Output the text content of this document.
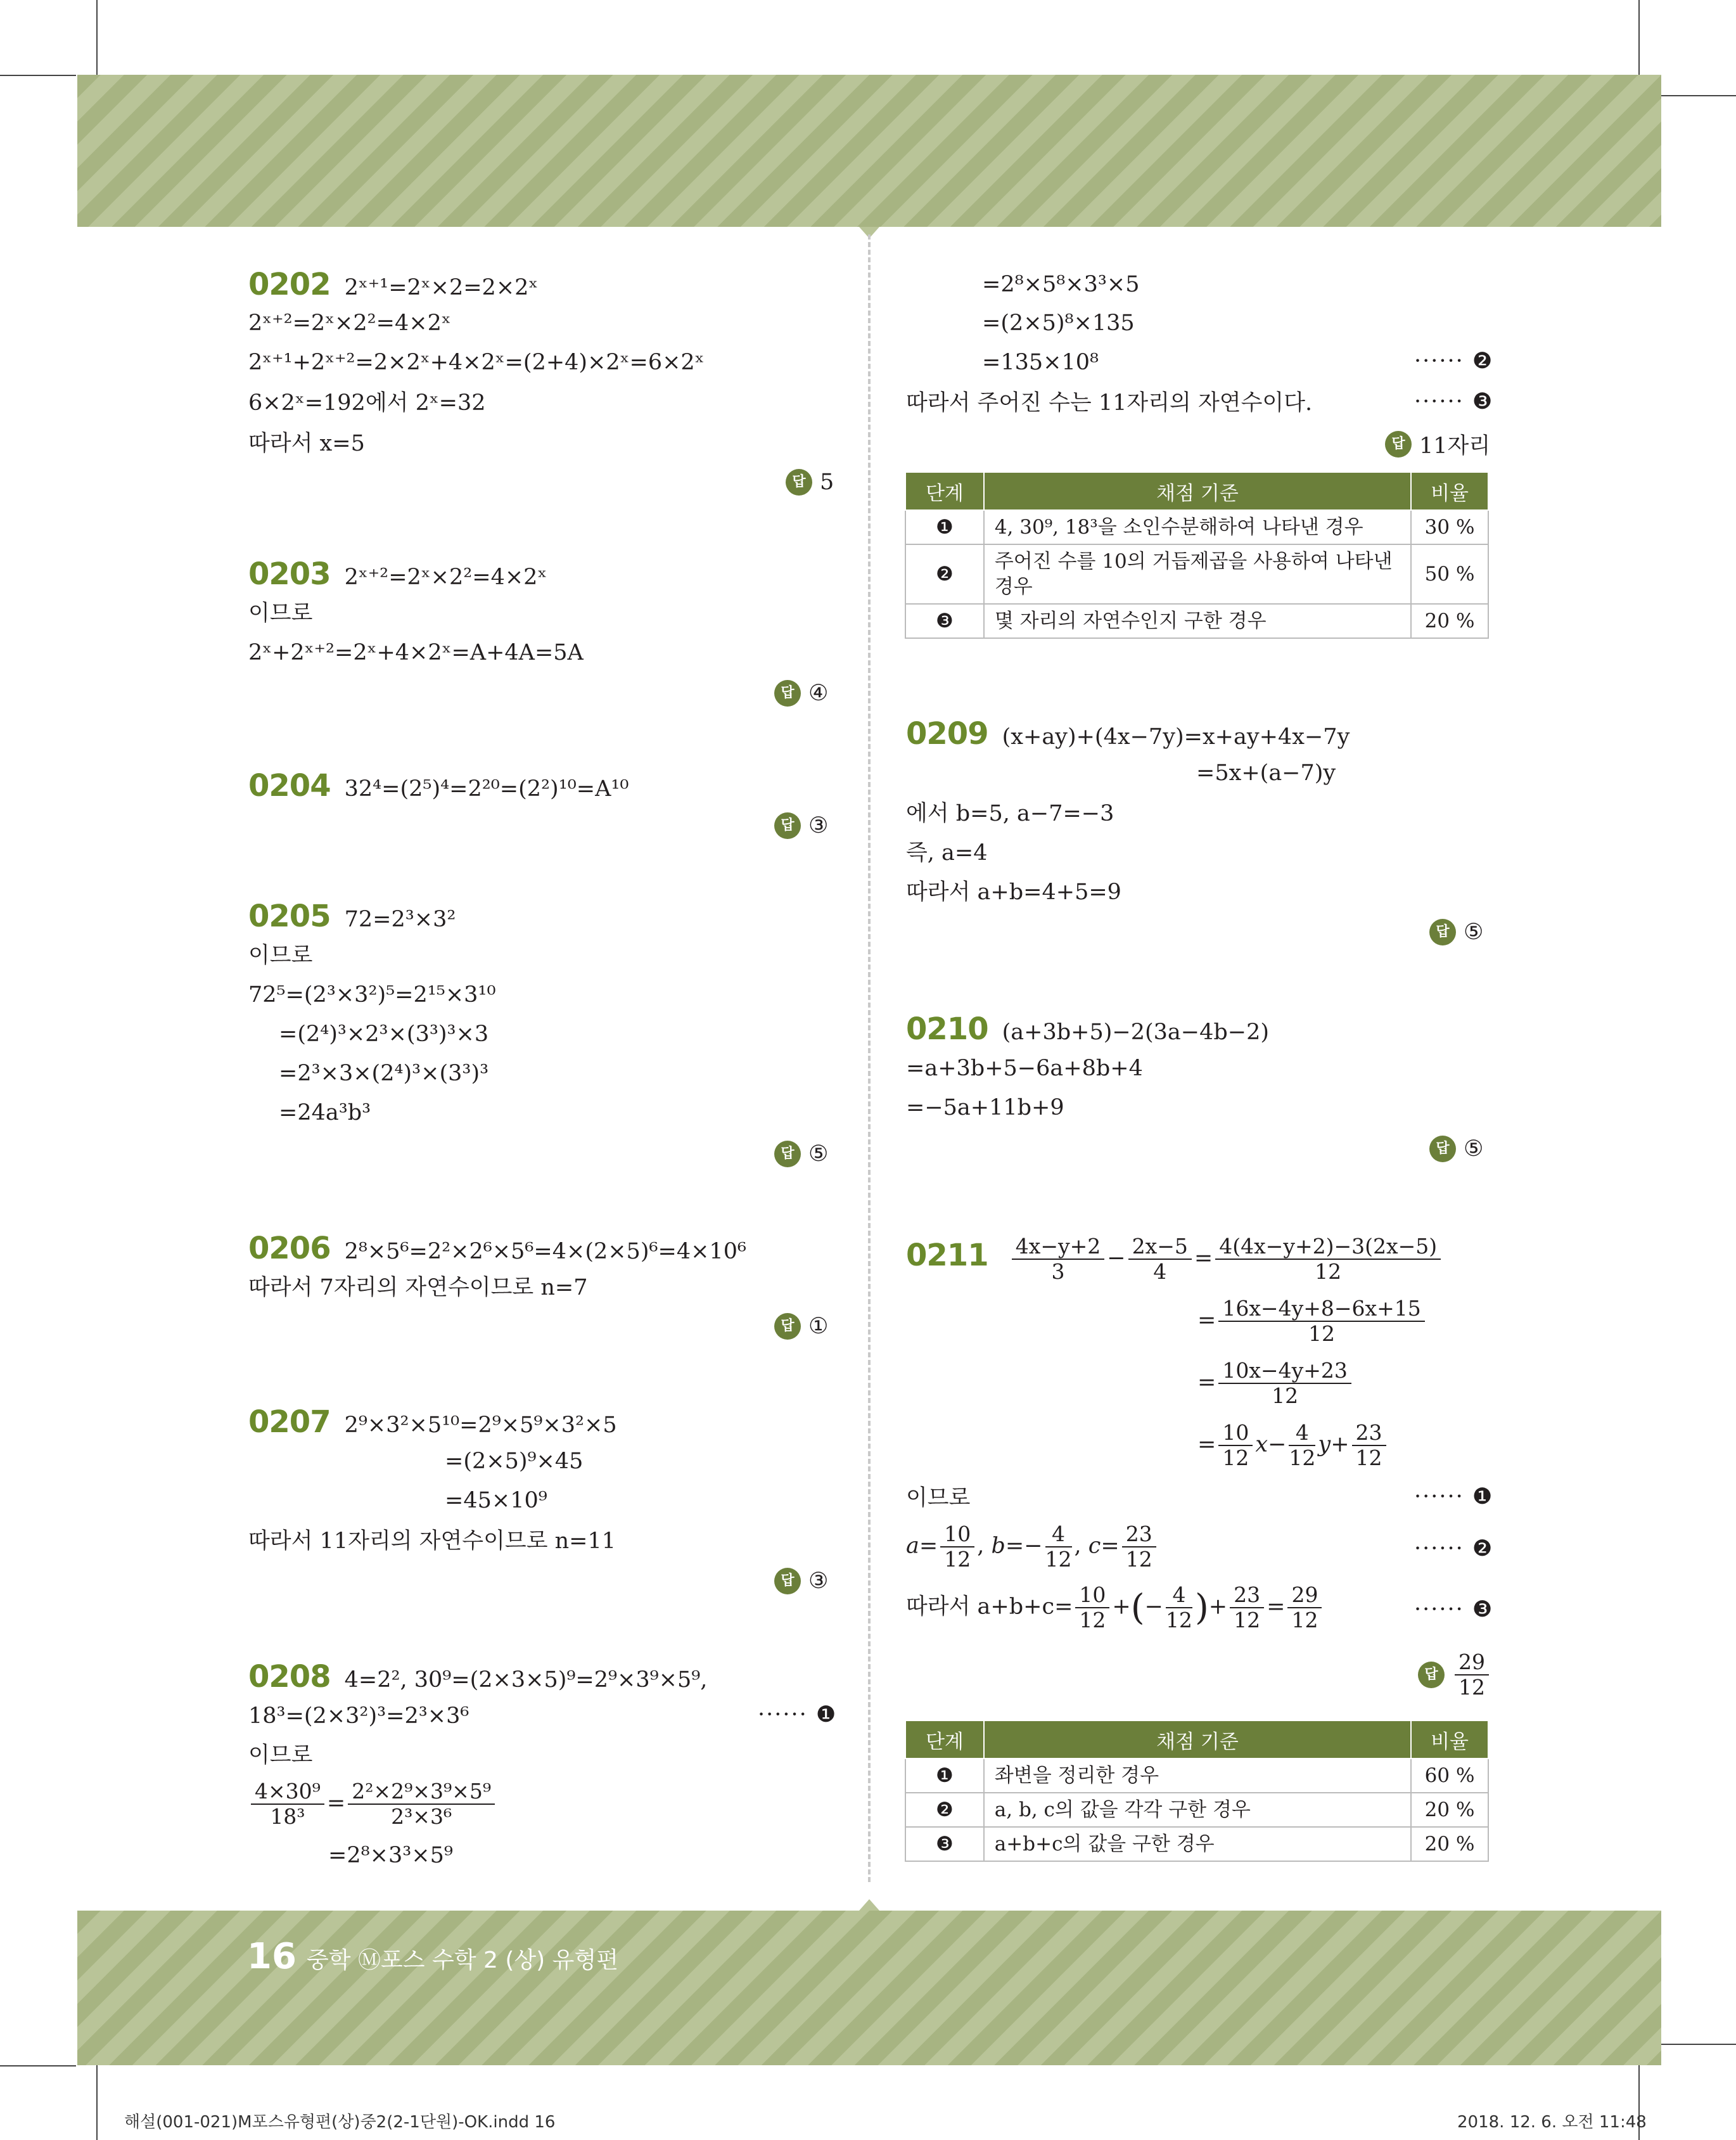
0202 2ˣ⁺¹=2ˣ×2=2×2ˣ
2ˣ⁺²=2ˣ×2²=4×2ˣ
2ˣ⁺¹+2ˣ⁺²=2×2ˣ+4×2ˣ=(2+4)×2ˣ=6×2ˣ
6×2ˣ=192에서 2ˣ=32
따라서 x=5
답 5
0203 2ˣ⁺²=2ˣ×2²=4×2ˣ
이므로
2ˣ+2ˣ⁺²=2ˣ+4×2ˣ=A+4A=5A
답 ④
0204 32⁴=(2⁵)⁴=2²⁰=(2²)¹⁰=A¹⁰
답 ③
0205 72=2³×3²
이므로
72⁵=(2³×3²)⁵=2¹⁵×3¹⁰
=(2⁴)³×2³×(3³)³×3
=2³×3×(2⁴)³×(3³)³
=24a³b³
답 ⑤
0206 2⁸×5⁶=2²×2⁶×5⁶=4×(2×5)⁶=4×10⁶
따라서 7자리의 자연수이므로 n=7
답 ①
0207 2⁹×3²×5¹⁰=2⁹×5⁹×3²×5
=(2×5)⁹×45
=45×10⁹
따라서 11자리의 자연수이므로 n=11
답 ③
0208 4=2², 30⁹=(2×3×5)⁹=2⁹×3⁹×5⁹,
18³=(2×3²)³=2³×3⁶	······ ❶
이므로
$\frac{\text{4×30⁹}}{\text{18³}} = \frac{\text{2²×2⁹×3⁹×5⁹}}{\text{2³×3⁶}}$
=2⁸×3³×5⁹
=2⁸×5⁸×3³×5
=(2×5)⁸×135
=135×10⁸	······ ❷
따라서 주어진 수는 11자리의 자연수이다.	······ ❸
답 11자리
단계	채점 기준	비율
❶	4, 30⁹, 18³을 소인수분해하여 나타낸 경우	30 %
❷	주어진 수를 10의 거듭제곱을 사용하여 나타낸 경우	50 %
❸	몇 자리의 자연수인지 구한 경우	20 %
0209 (x+ay)+(4x−7y)=x+ay+4x−7y
=5x+(a−7)y
에서 b=5, a−7=−3
즉, a=4
따라서 a+b=4+5=9
답 ⑤
0210 (a+3b+5)−2(3a−4b−2)
=a+3b+5−6a+8b+4
=−5a+11b+9
답 ⑤
$0211 \frac{4x-y+2}{3} - \frac{2x-5}{4} = \frac{4(4x-y+2)-3(2x-5)}{12}$
= $\frac{16x-4y+8-6x+15}{12}$
= $\frac{10x-4y+23}{12}$
= $\frac{10}{12} x- \frac{4}{12} y+ \frac{23}{12}$
이므로	······ ❶
$a= \frac{10}{12}$ , $b=- \frac{4}{12}$ , $c= \frac{23}{12}$	······ ❷
따라서 $a+b+c= \frac{10}{12}$ +(− $\frac{4}{12}$ )+ $\frac{23}{12} = \frac{29}{12}$	······ ❸
답 $\frac{29}{12}$
단계	채점 기준	비율
❶	좌변을 정리한 경우	60 %
❷	a, b, c의 값을 각각 구한 경우	20 %
❸	a+b+c의 값을 구한 경우	20 %
16 중학 Ⓜ포스 수학 2 (상) 유형편
해설(001-021)M포스유형편(상)중2(2-1단원)-OK.indd 16	2018. 12. 6. 오전 11:48
